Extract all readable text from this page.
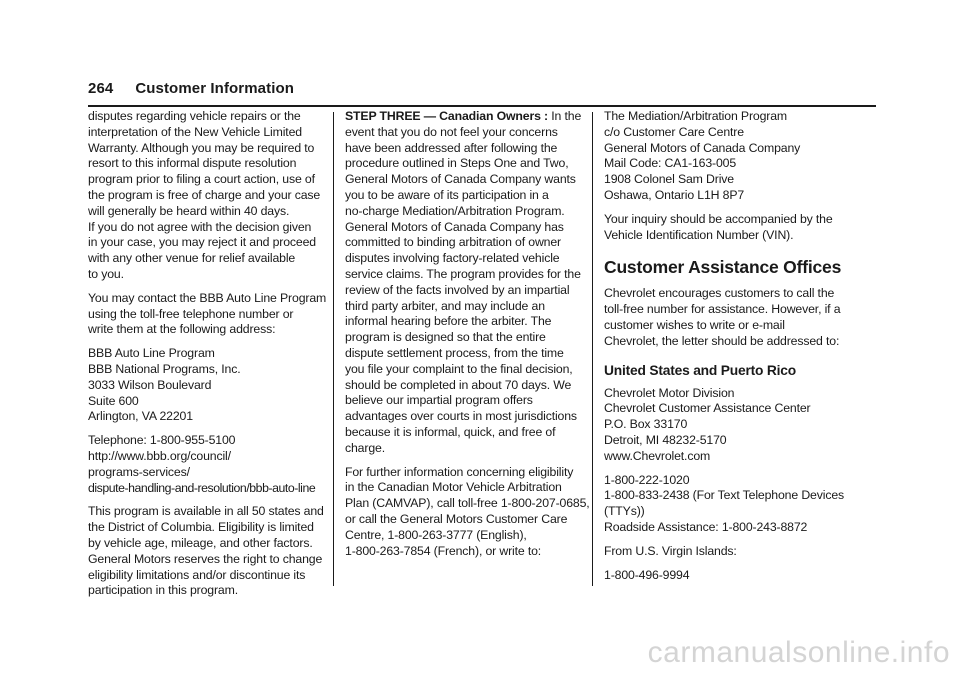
264 Customer Information

disputes regarding vehicle repairs or the
interpretation of the New Vehicle Limited
Warranty. Although you may be required to
resort to this informal dispute resolution
program prior to filing a court action, use of
the program is free of charge and your case
will generally be heard within 40 days.
If you do not agree with the decision given
in your case, you may reject it and proceed
with any other venue for relief available
to you.

You may contact the BBB Auto Line Program
using the toll-free telephone number or
write them at the following address:

BBB Auto Line Program
BBB National Programs, Inc.
3033 Wilson Boulevard
Suite 600
Arlington, VA 22201

Telephone: 1-800-955-5100
http://www.bbb.org/council/
programs-services/
dispute-handling-and-resolution/bbb-auto-line

This program is available in all 50 states and
the District of Columbia. Eligibility is limited
by vehicle age, mileage, and other factors.
General Motors reserves the right to change
eligibility limitations and/or discontinue its
participation in this program.

STEP THREE — Canadian Owners : In the
event that you do not feel your concerns
have been addressed after following the
procedure outlined in Steps One and Two,
General Motors of Canada Company wants
you to be aware of its participation in a
no-charge Mediation/Arbitration Program.
General Motors of Canada Company has
committed to binding arbitration of owner
disputes involving factory-related vehicle
service claims. The program provides for the
review of the facts involved by an impartial
third party arbiter, and may include an
informal hearing before the arbiter. The
program is designed so that the entire
dispute settlement process, from the time
you file your complaint to the final decision,
should be completed in about 70 days. We
believe our impartial program offers
advantages over courts in most jurisdictions
because it is informal, quick, and free of
charge.

For further information concerning eligibility
in the Canadian Motor Vehicle Arbitration
Plan (CAMVAP), call toll-free 1-800-207-0685,
or call the General Motors Customer Care
Centre, 1-800-263-3777 (English),
1-800-263-7854 (French), or write to:

The Mediation/Arbitration Program
c/o Customer Care Centre
General Motors of Canada Company
Mail Code: CA1-163-005
1908 Colonel Sam Drive
Oshawa, Ontario L1H 8P7

Your inquiry should be accompanied by the
Vehicle Identification Number (VIN).

Customer Assistance Offices

Chevrolet encourages customers to call the
toll-free number for assistance. However, if a
customer wishes to write or e-mail
Chevrolet, the letter should be addressed to:

United States and Puerto Rico

Chevrolet Motor Division
Chevrolet Customer Assistance Center
P.O. Box 33170
Detroit, MI 48232-5170
www.Chevrolet.com

1-800-222-1020
1-800-833-2438 (For Text Telephone Devices
(TTYs))
Roadside Assistance: 1-800-243-8872

From U.S. Virgin Islands:

1-800-496-9994

carmanualsonline.info
